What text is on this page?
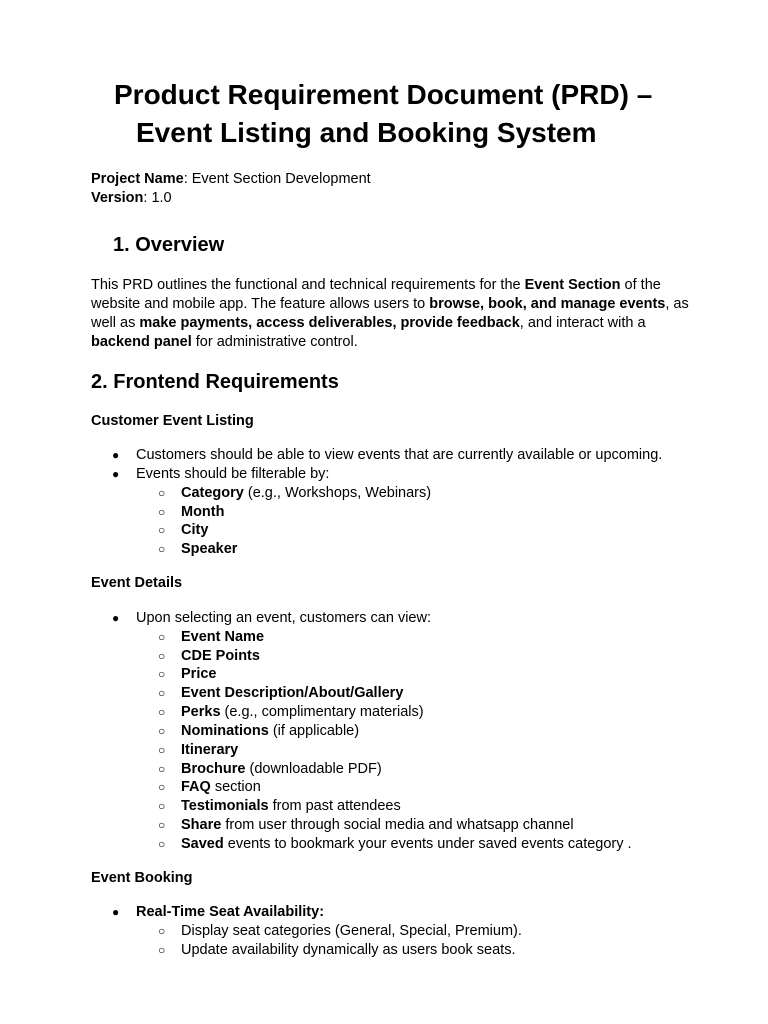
Product Requirement Document (PRD) –
Event Listing and Booking System
Project Name: Event Section Development
Version: 1.0
1. Overview
This PRD outlines the functional and technical requirements for the Event Section of the
website and mobile app. The feature allows users to browse, book, and manage events, as
well as make payments, access deliverables, provide feedback, and interact with a
backend panel for administrative control.
2. Frontend Requirements
Customer Event Listing
● Customers should be able to view events that are currently available or upcoming.
● Events should be filterable by:
○ Category (e.g., Workshops, Webinars)
○ Month
○ City
○ Speaker
Event Details
● Upon selecting an event, customers can view:
○ Event Name
○ CDE Points
○ Price
○ Event Description/About/Gallery
○ Perks (e.g., complimentary materials)
○ Nominations (if applicable)
○ Itinerary
○ Brochure (downloadable PDF)
○ FAQ section
○ Testimonials from past attendees
○ Share from user through social media and whatsapp channel
○ Saved events to bookmark your events under saved events category .
Event Booking
● Real-Time Seat Availability:
○ Display seat categories (General, Special, Premium).
○ Update availability dynamically as users book seats.
